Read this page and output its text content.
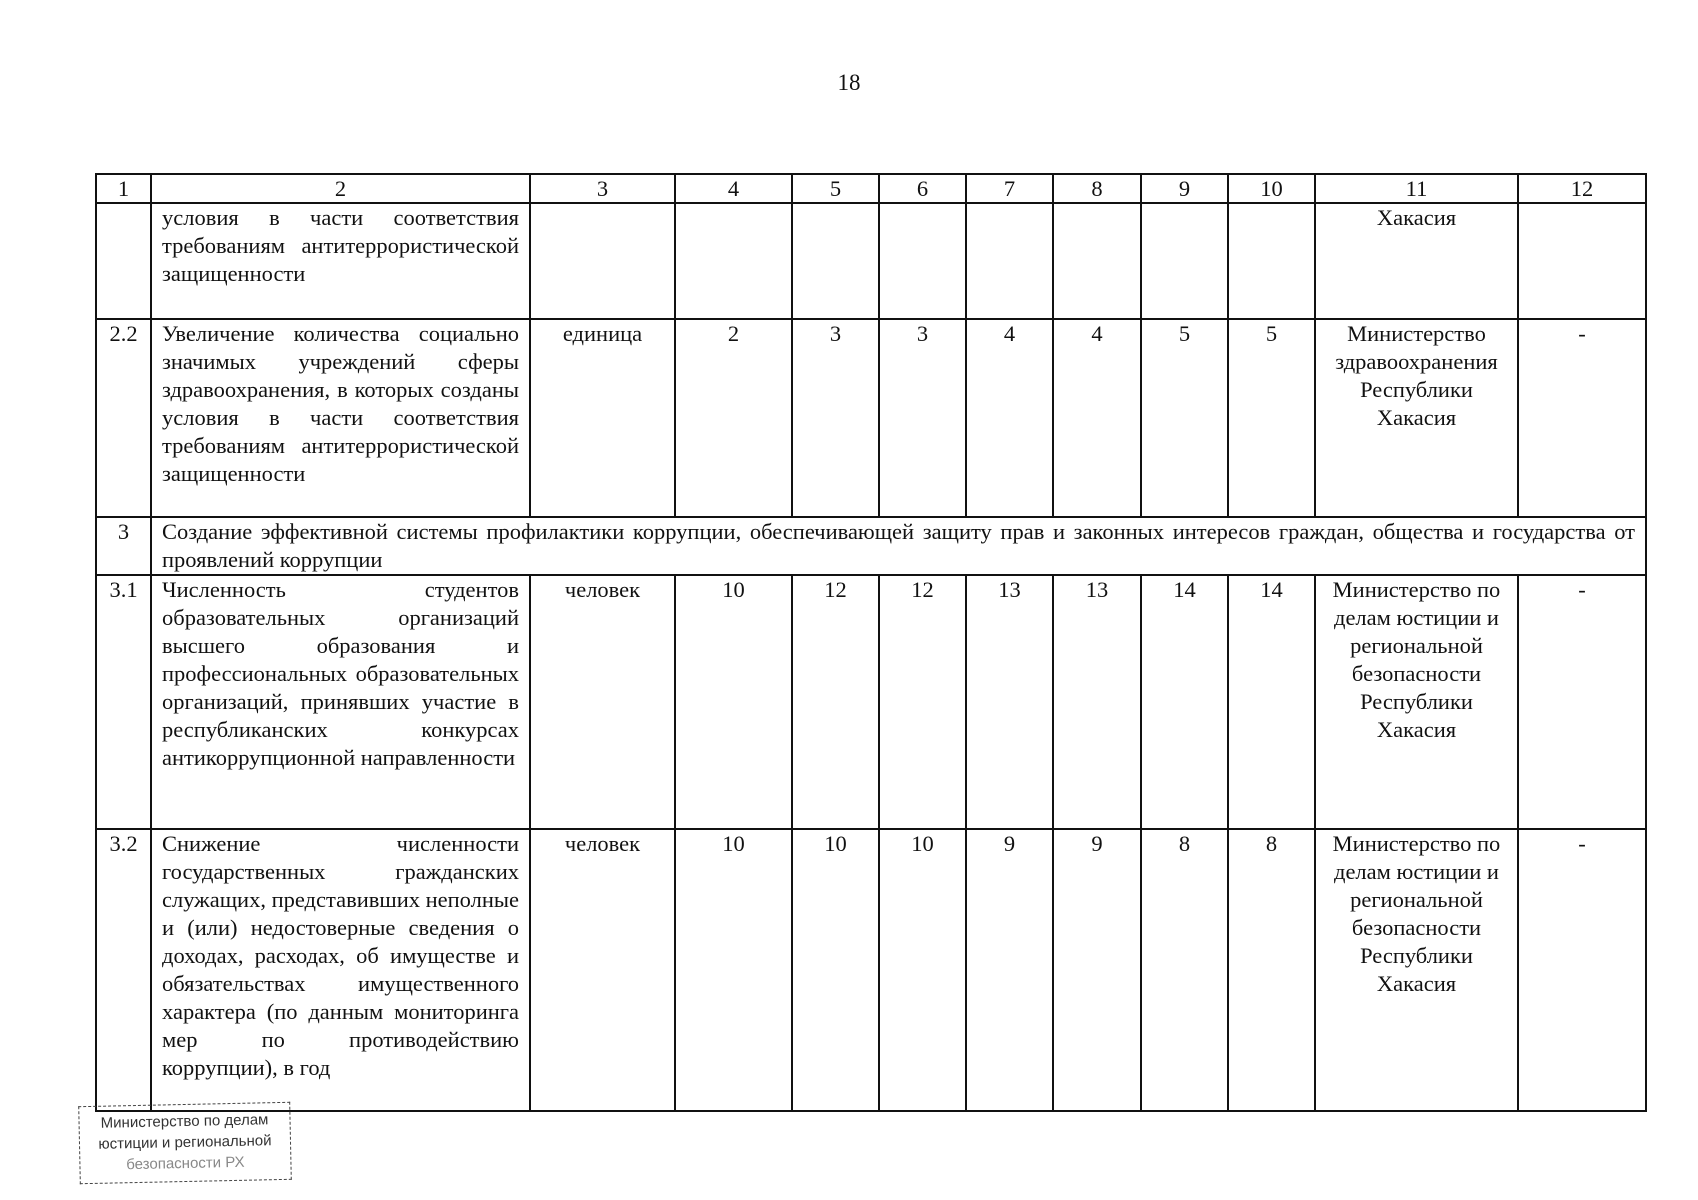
18
1	2	3	4	5	6	7	8	9	10	11	12
	условия в части соответствия требованиям антитеррористической защищенности									Хакасия	
2.2	Увеличение количества социально значимых учреждений сферы здравоохранения, в которых созданы условия в части соответствия требованиям антитеррористической защищенности	единица	2	3	3	4	4	5	5	Министерство здравоохранения Республики Хакасия	-
3	Создание эффективной системы профилактики коррупции, обеспечивающей защиту прав и законных интересов граждан, общества и государства от проявлений коррупции										
3.1	Численность студентов образовательных организаций высшего образования и профессиональных образовательных организаций, принявших участие в республиканских конкурсах антикоррупционной направленности	человек	10	12	12	13	13	14	14	Министерство по делам юстиции и региональной безопасности Республики Хакасия	-
3.2	Снижение численности государственных гражданских служащих, представивших неполные и (или) недостоверные сведения о доходах, расходах, об имуществе и обязательствах имущественного характера (по данным мониторинга мер по противодействию коррупции), в год	человек	10	10	10	9	9	8	8	Министерство по делам юстиции и региональной безопасности Республики Хакасия	-
Министерство по делам
юстиции и региональной
безопасности РХ
